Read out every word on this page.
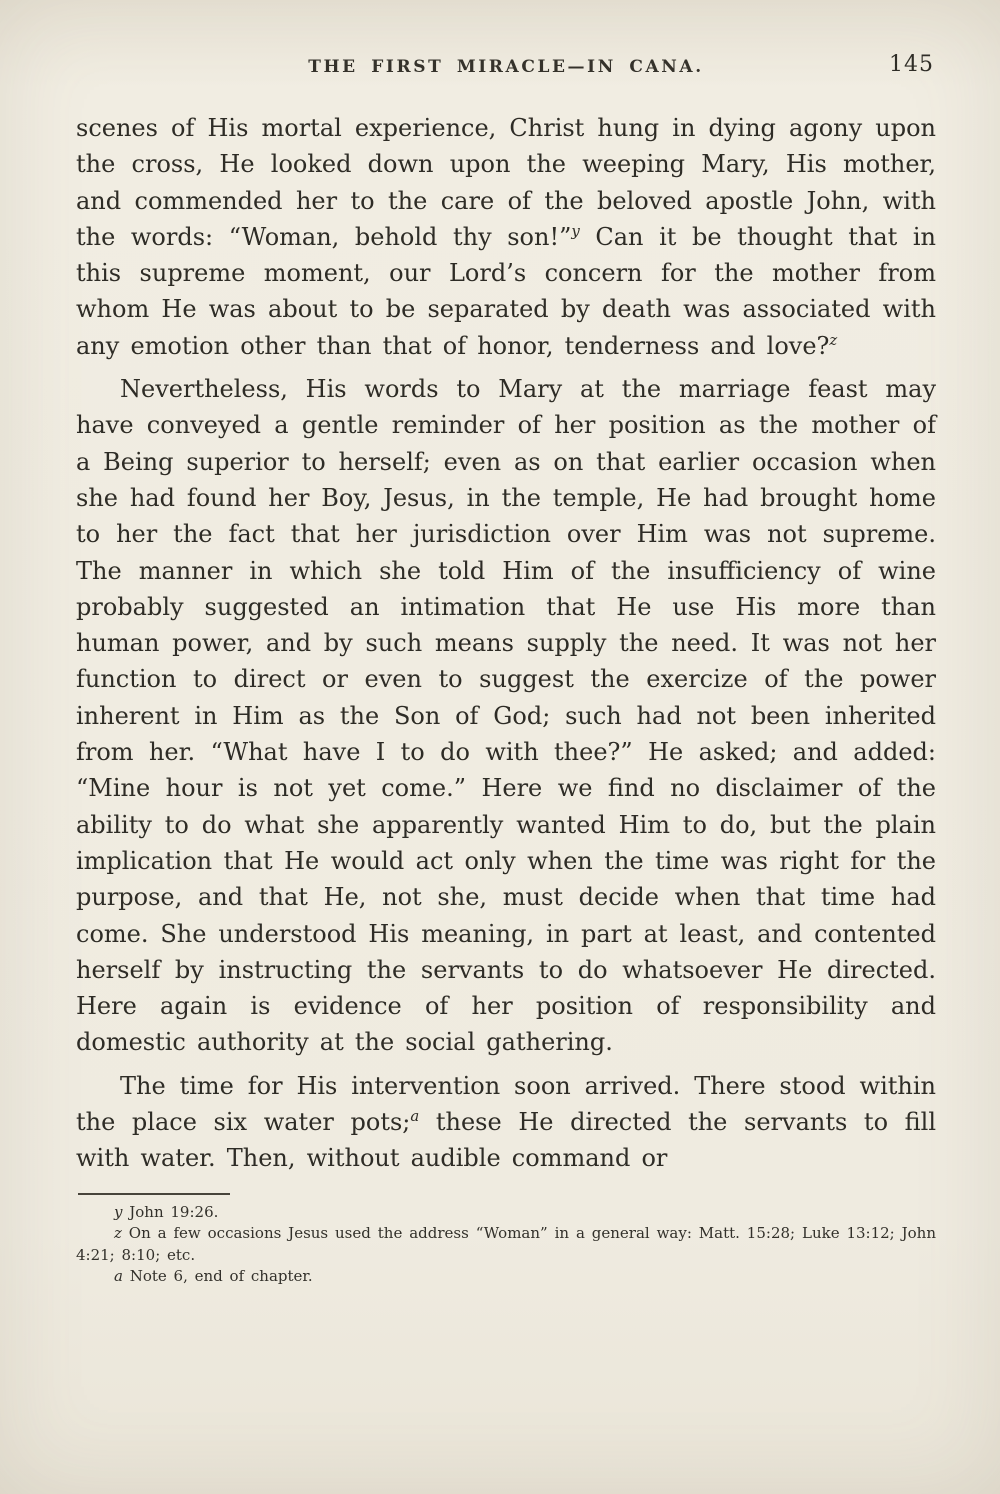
THE FIRST MIRACLE—IN CANA.	145

scenes of His mortal experience, Christ hung in dying agony upon the cross, He looked down upon the weeping Mary, His mother, and commended her to the care of the beloved apostle John, with the words: “Woman, behold thy son!”$^y$ Can it be thought that in this supreme moment, our Lord’s concern for the mother from whom He was about to be separated by death was associated with any emotion other than that of honor, tenderness and love?$^z$

Nevertheless, His words to Mary at the marriage feast may have conveyed a gentle reminder of her position as the mother of a Being superior to herself; even as on that earlier occasion when she had found her Boy, Jesus, in the temple, He had brought home to her the fact that her jurisdiction over Him was not supreme. The manner in which she told Him of the insufficiency of wine probably suggested an intimation that He use His more than human power, and by such means supply the need. It was not her function to direct or even to suggest the exercize of the power inherent in Him as the Son of God; such had not been inherited from her. “What have I to do with thee?” He asked; and added: “Mine hour is not yet come.” Here we find no disclaimer of the ability to do what she apparently wanted Him to do, but the plain implication that He would act only when the time was right for the purpose, and that He, not she, must decide when that time had come. She understood His meaning, in part at least, and contented herself by instructing the servants to do whatsoever He directed. Here again is evidence of her position of responsibility and domestic authority at the social gathering.

The time for His intervention soon arrived. There stood within the place six water pots;$^a$ these He directed the servants to fill with water. Then, without audible command or

y John 19:26.

z On a few occasions Jesus used the address “Woman” in a general way: Matt. 15:28; Luke 13:12; John 4:21; 8:10; etc.

a Note 6, end of chapter.
